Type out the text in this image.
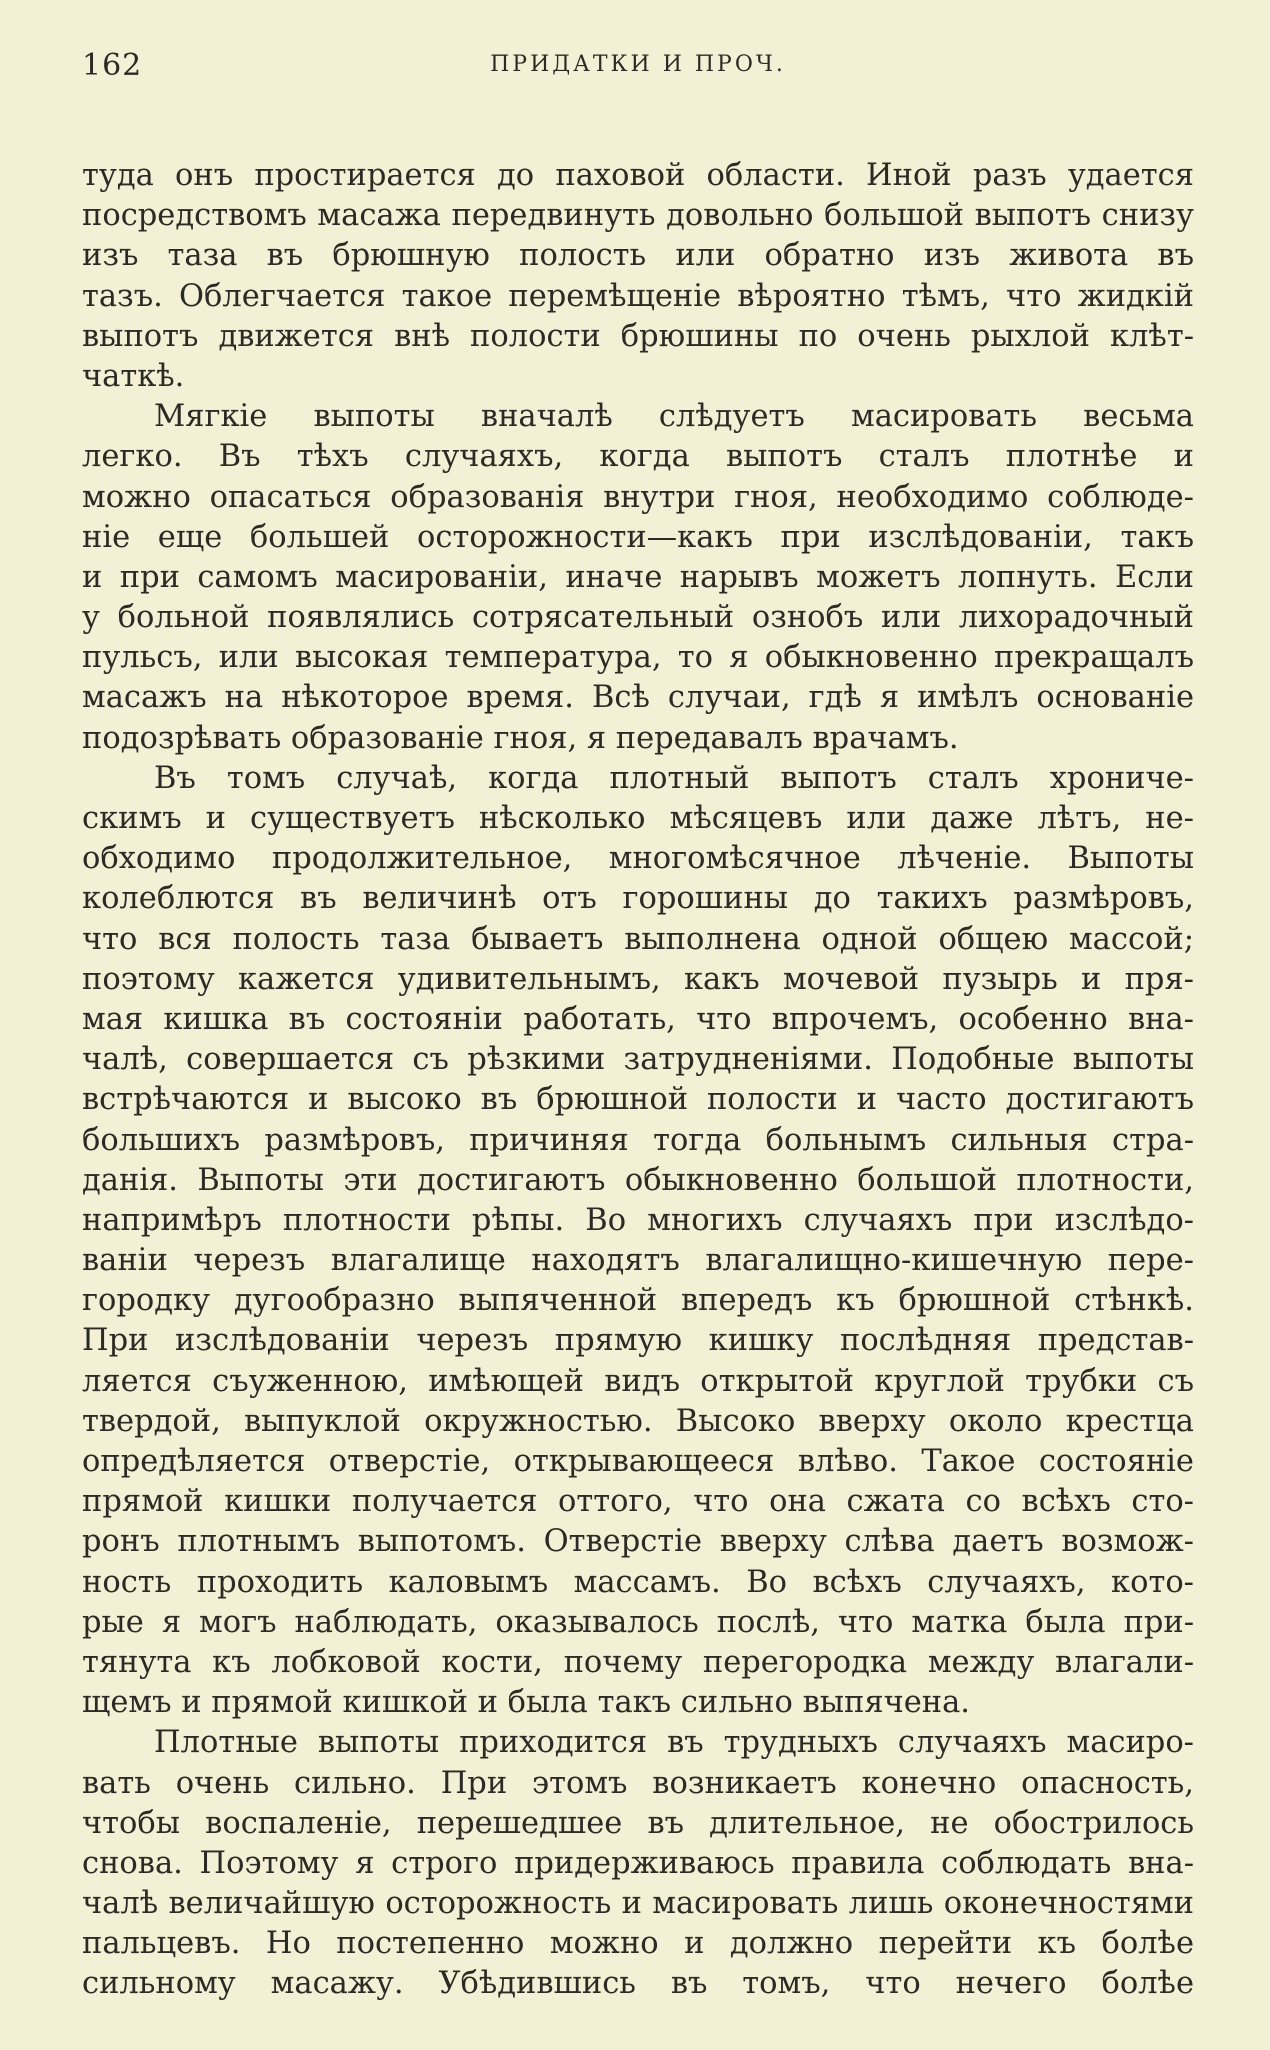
162	ПРИДАТКИ И ПРОЧ.

туда онъ простирается до паховой области. Иной разъ удается
посредствомъ масажа передвинуть довольно большой выпотъ снизу
изъ таза въ брюшную полость или обратно изъ живота въ
тазъ. Облегчается такое перемѣщеніе вѣроятно тѣмъ, что жидкій
выпотъ движется внѣ полости брюшины по очень рыхлой клѣт-
чаткѣ.

Мягкіе выпоты вначалѣ слѣдуетъ масировать весьма
легко. Въ тѣхъ случаяхъ, когда выпотъ сталъ плотнѣе и
можно опасаться образованія внутри гноя, необходимо соблюде-
ніе еще большей осторожности—какъ при изслѣдованіи, такъ
и при самомъ масированіи, иначе нарывъ можетъ лопнуть. Если
у больной появлялись сотрясательный ознобъ или лихорадочный
пульсъ, или высокая температура, то я обыкновенно прекращалъ
масажъ на нѣкоторое время. Всѣ случаи, гдѣ я имѣлъ основаніе
подозрѣвать образованіе гноя, я передавалъ врачамъ.

Въ томъ случаѣ, когда плотный выпотъ сталъ хрониче-
скимъ и существуетъ нѣсколько мѣсяцевъ или даже лѣтъ, не-
обходимо продолжительное, многомѣсячное лѣченіе. Выпоты
колеблются въ величинѣ отъ горошины до такихъ размѣровъ,
что вся полость таза бываетъ выполнена одной общею массой;
поэтому кажется удивительнымъ, какъ мочевой пузырь и пря-
мая кишка въ состояніи работать, что впрочемъ, особенно вна-
чалѣ, совершается съ рѣзкими затрудненіями. Подобные выпоты
встрѣчаются и высоко въ брюшной полости и часто достигаютъ
большихъ размѣровъ, причиняя тогда больнымъ сильныя стра-
данія. Выпоты эти достигаютъ обыкновенно большой плотности,
напримѣръ плотности рѣпы. Во многихъ случаяхъ при изслѣдо-
ваніи черезъ влагалище находятъ влагалищно-кишечную пере-
городку дугообразно выпяченной впередъ къ брюшной стѣнкѣ.
При изслѣдованіи черезъ прямую кишку послѣдняя представ-
ляется съуженною, имѣющей видъ открытой круглой трубки съ
твердой, выпуклой окружностью. Высоко вверху около крестца
опредѣляется отверстіе, открывающееся влѣво. Такое состояніе
прямой кишки получается оттого, что она сжата со всѣхъ сто-
ронъ плотнымъ выпотомъ. Отверстіе вверху слѣва даетъ возмож-
ность проходить каловымъ массамъ. Во всѣхъ случаяхъ, кото-
рые я могъ наблюдать, оказывалось послѣ, что матка была при-
тянута къ лобковой кости, почему перегородка между влагали-
щемъ и прямой кишкой и была такъ сильно выпячена.

Плотные выпоты приходится въ трудныхъ случаяхъ масиро-
вать очень сильно. При этомъ возникаетъ конечно опасность,
чтобы воспаленіе, перешедшее въ длительное, не обострилось
снова. Поэтому я строго придерживаюсь правила соблюдать вна-
чалѣ величайшую осторожность и масировать лишь оконечностями
пальцевъ. Но постепенно можно и должно перейти къ болѣе
сильному масажу. Убѣдившись въ томъ, что нечего болѣе
